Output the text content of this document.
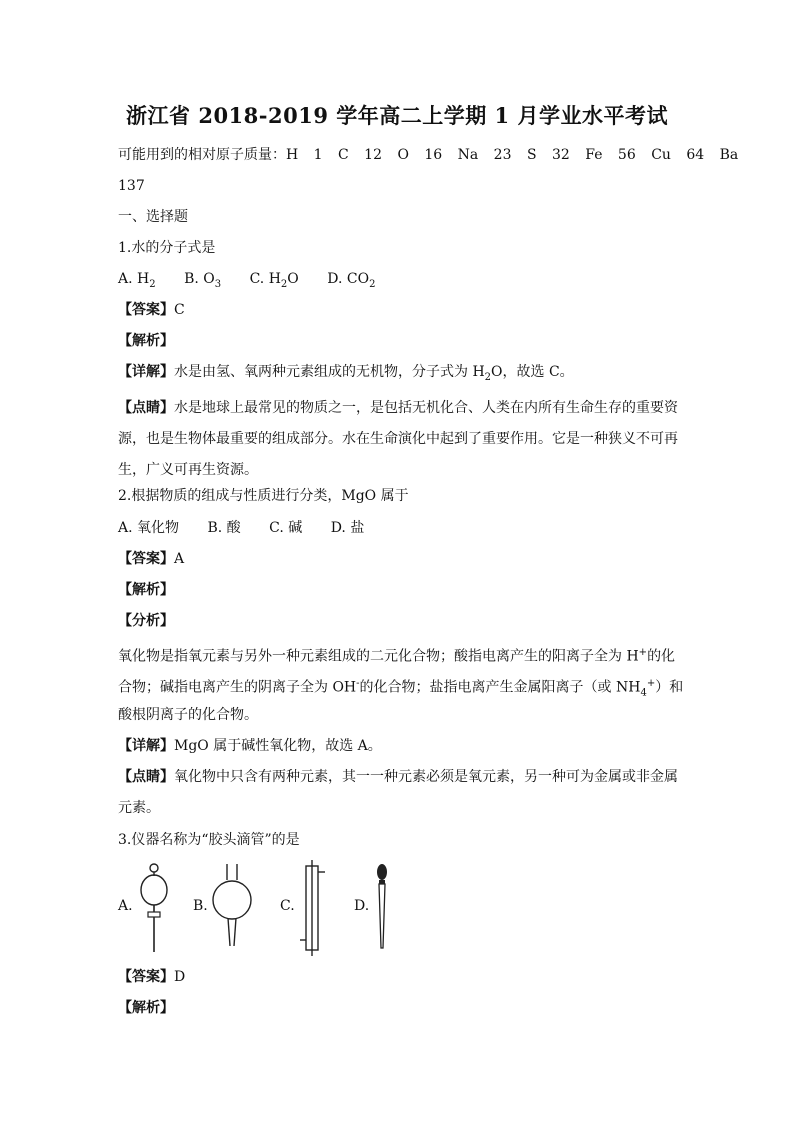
浙江省 2018-2019 学年高二上学期 1 月学业水平考试
可能用到的相对原子质量：H 1 C 12 O 16 Na 23 S 32 Fe 56 Cu 64 Ba
137
一、选择题
1.水的分子式是
A. $H_2$ B. $O_3$ C. $H_2O$ D. $CO_2$
【答案】C
【解析】
【详解】水是由氢、氧两种元素组成的无机物，分子式为 $H_2O$，故选 C。
【点睛】水是地球上最常见的物质之一，是包括无机化合、人类在内所有生命生存的重要资源，也是生物体最重要的组成部分。水在生命演化中起到了重要作用。它是一种狭义不可再生，广义可再生资源。
2.根据物质的组成与性质进行分类，MgO 属于
A. 氧化物 B. 酸 C. 碱 D. 盐
【答案】A
【解析】
【分析】
氧化物是指氧元素与另外一种元素组成的二元化合物；酸指电离产生的阳离子全为 H+的化
合物；碱指电离产生的阴离子全为 OH-的化合物；盐指电离产生金属阳离子（或 $NH_4^+$）和
酸根阴离子的化合物。
【详解】MgO 属于碱性氧化物，故选 A。
【点睛】氧化物中只含有两种元素，其一一种元素必须是氧元素，另一种可为金属或非金属
元素。
3.仪器名称为“胶头滴管”的是
A.	B.	C.	D.
【答案】D
【解析】
